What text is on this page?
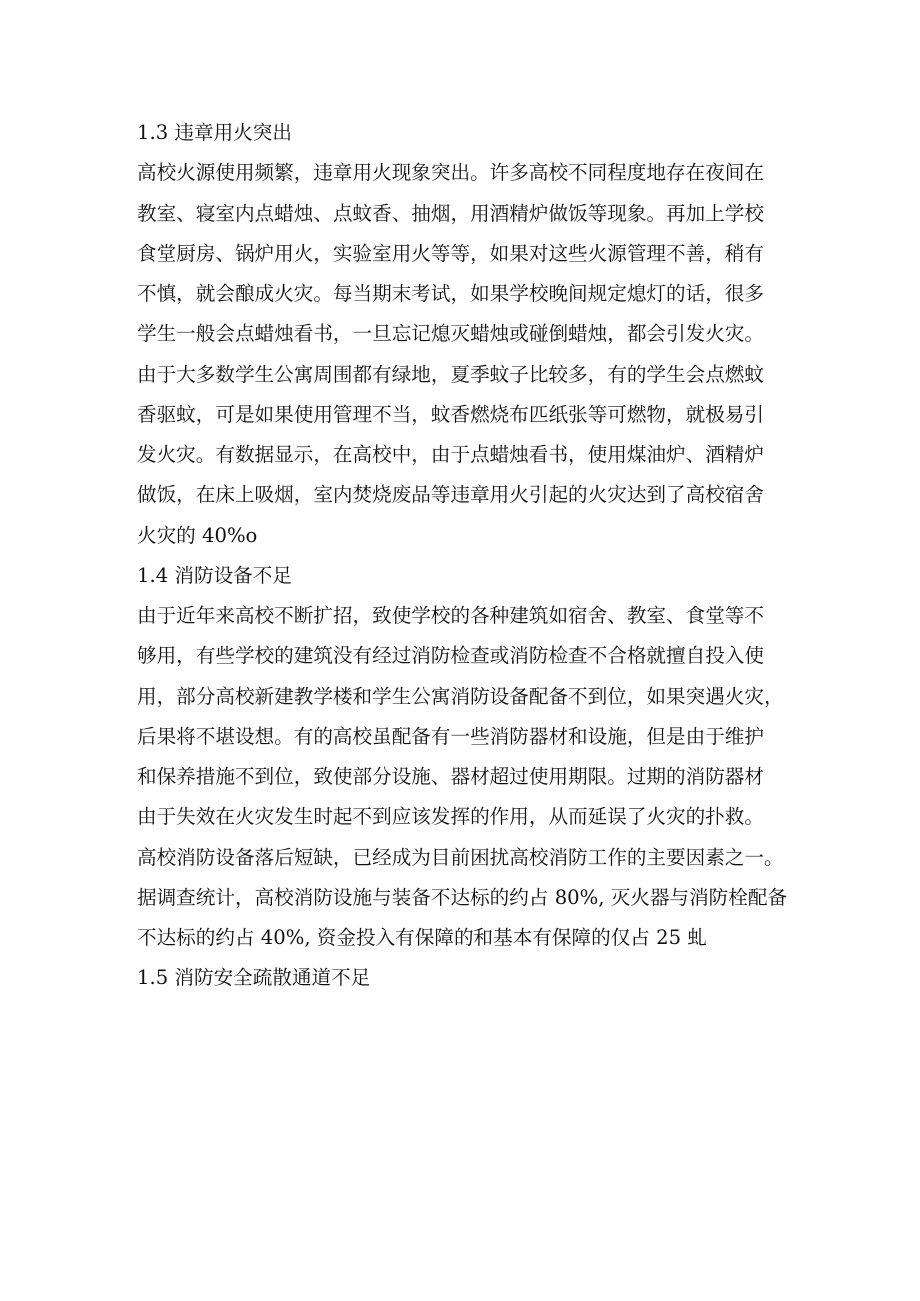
1.3 违章用火突出
高校火源使用频繁，违章用火现象突出。许多高校不同程度地存在夜间在
教室、寝室内点蜡烛、点蚊香、抽烟，用酒精炉做饭等现象。再加上学校
食堂厨房、锅炉用火，实验室用火等等，如果对这些火源管理不善，稍有
不慎，就会酿成火灾。每当期末考试，如果学校晚间规定熄灯的话，很多
学生一般会点蜡烛看书，一旦忘记熄灭蜡烛或碰倒蜡烛，都会引发火灾。
由于大多数学生公寓周围都有绿地，夏季蚊子比较多，有的学生会点燃蚊
香驱蚊，可是如果使用管理不当，蚊香燃烧布匹纸张等可燃物，就极易引
发火灾。有数据显示，在高校中，由于点蜡烛看书，使用煤油炉、酒精炉
做饭，在床上吸烟，室内焚烧废品等违章用火引起的火灾达到了高校宿舍
火灾的 40%o
1.4 消防设备不足
由于近年来高校不断扩招，致使学校的各种建筑如宿舍、教室、食堂等不
够用，有些学校的建筑没有经过消防检查或消防检查不合格就擅自投入使
用，部分高校新建教学楼和学生公寓消防设备配备不到位，如果突遇火灾，
后果将不堪设想。有的高校虽配备有一些消防器材和设施，但是由于维护
和保养措施不到位，致使部分设施、器材超过使用期限。过期的消防器材
由于失效在火灾发生时起不到应该发挥的作用，从而延误了火灾的扑救。
高校消防设备落后短缺，已经成为目前困扰高校消防工作的主要因素之一。
据调查统计，高校消防设施与装备不达标的约占 80%, 灭火器与消防栓配备
不达标的约占 40%, 资金投入有保障的和基本有保障的仅占 25 虬
1.5 消防安全疏散通道不足
